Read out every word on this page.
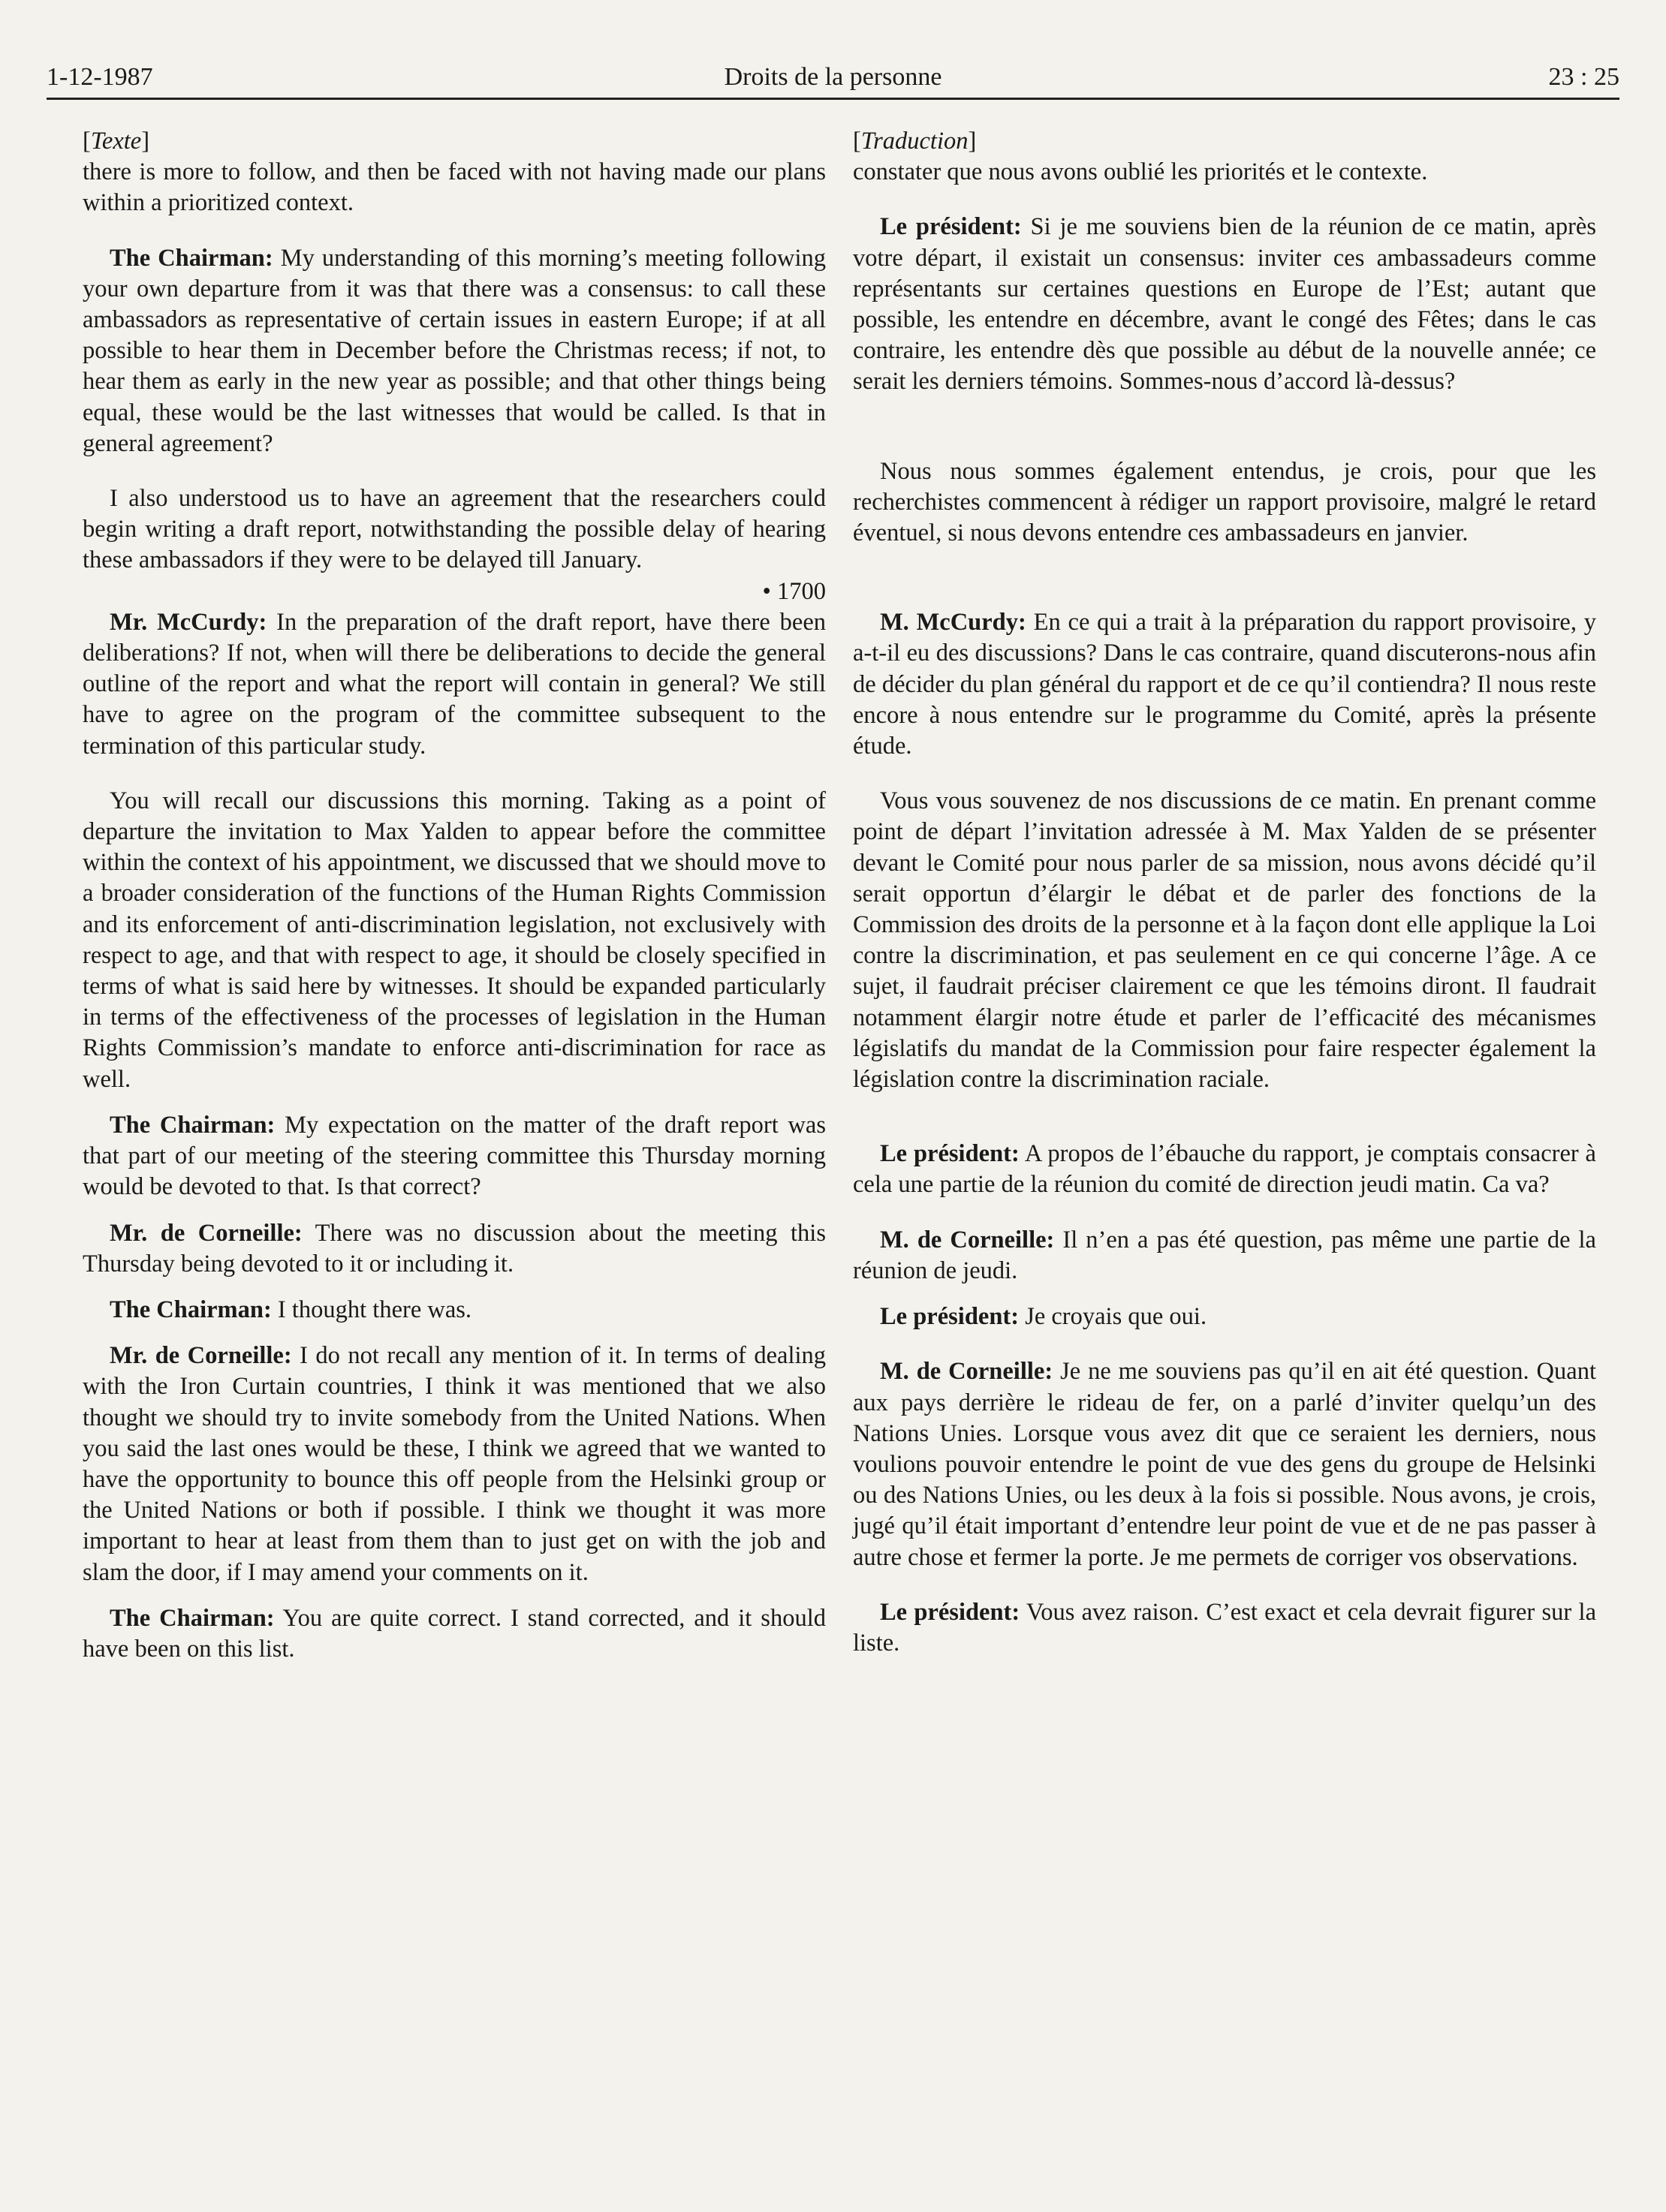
1-12-1987	Droits de la personne	23 : 25
[Texte]

there is more to follow, and then be faced with not having made our plans within a prioritized context.

The Chairman: My understanding of this morning’s meeting following your own departure from it was that there was a consensus: to call these ambassadors as representative of certain issues in eastern Europe; if at all possible to hear them in December before the Christmas recess; if not, to hear them as early in the new year as possible; and that other things being equal, these would be the last witnesses that would be called. Is that in general agreement?

I also understood us to have an agreement that the researchers could begin writing a draft report, notwithstanding the possible delay of hearing these ambassadors if they were to be delayed till January.

• 1700

Mr. McCurdy: In the preparation of the draft report, have there been deliberations? If not, when will there be deliberations to decide the general outline of the report and what the report will contain in general? We still have to agree on the program of the committee subsequent to the termination of this particular study.

You will recall our discussions this morning. Taking as a point of departure the invitation to Max Yalden to appear before the committee within the context of his appointment, we discussed that we should move to a broader consideration of the functions of the Human Rights Commission and its enforcement of anti-discrimination legislation, not exclusively with respect to age, and that with respect to age, it should be closely specified in terms of what is said here by witnesses. It should be expanded particularly in terms of the effectiveness of the processes of legislation in the Human Rights Commission’s mandate to enforce anti-discrimination for race as well.

The Chairman: My expectation on the matter of the draft report was that part of our meeting of the steering committee this Thursday morning would be devoted to that. Is that correct?

Mr. de Corneille: There was no discussion about the meeting this Thursday being devoted to it or including it.

The Chairman: I thought there was.

Mr. de Corneille: I do not recall any mention of it. In terms of dealing with the Iron Curtain countries, I think it was mentioned that we also thought we should try to invite somebody from the United Nations. When you said the last ones would be these, I think we agreed that we wanted to have the opportunity to bounce this off people from the Helsinki group or the United Nations or both if possible. I think we thought it was more important to hear at least from them than to just get on with the job and slam the door, if I may amend your comments on it.

The Chairman: You are quite correct. I stand corrected, and it should have been on this list.

[Traduction]

constater que nous avons oublié les priorités et le contexte.

Le président: Si je me souviens bien de la réunion de ce matin, après votre départ, il existait un consensus: inviter ces ambassadeurs comme représentants sur certaines questions en Europe de l’Est; autant que possible, les entendre en décembre, avant le congé des Fêtes; dans le cas contraire, les entendre dès que possible au début de la nouvelle année; ce serait les derniers témoins. Sommes-nous d’accord là-dessus?

Nous nous sommes également entendus, je crois, pour que les recherchistes commencent à rédiger un rapport provisoire, malgré le retard éventuel, si nous devons entendre ces ambassadeurs en janvier.

M. McCurdy: En ce qui a trait à la préparation du rapport provisoire, y a-t-il eu des discussions? Dans le cas contraire, quand discuterons-nous afin de décider du plan général du rapport et de ce qu’il contiendra? Il nous reste encore à nous entendre sur le programme du Comité, après la présente étude.

Vous vous souvenez de nos discussions de ce matin. En prenant comme point de départ l’invitation adressée à M. Max Yalden de se présenter devant le Comité pour nous parler de sa mission, nous avons décidé qu’il serait opportun d’élargir le débat et de parler des fonctions de la Commission des droits de la personne et à la façon dont elle applique la Loi contre la discrimination, et pas seulement en ce qui concerne l’âge. A ce sujet, il faudrait préciser clairement ce que les témoins diront. Il faudrait notamment élargir notre étude et parler de l’efficacité des mécanismes législatifs du mandat de la Commission pour faire respecter également la législation contre la discrimination raciale.

Le président: A propos de l’ébauche du rapport, je comptais consacrer à cela une partie de la réunion du comité de direction jeudi matin. Ca va?

M. de Corneille: Il n’en a pas été question, pas même une partie de la réunion de jeudi.

Le président: Je croyais que oui.

M. de Corneille: Je ne me souviens pas qu’il en ait été question. Quant aux pays derrière le rideau de fer, on a parlé d’inviter quelqu’un des Nations Unies. Lorsque vous avez dit que ce seraient les derniers, nous voulions pouvoir entendre le point de vue des gens du groupe de Helsinki ou des Nations Unies, ou les deux à la fois si possible. Nous avons, je crois, jugé qu’il était important d’entendre leur point de vue et de ne pas passer à autre chose et fermer la porte. Je me permets de corriger vos observations.

Le président: Vous avez raison. C’est exact et cela devrait figurer sur la liste.
